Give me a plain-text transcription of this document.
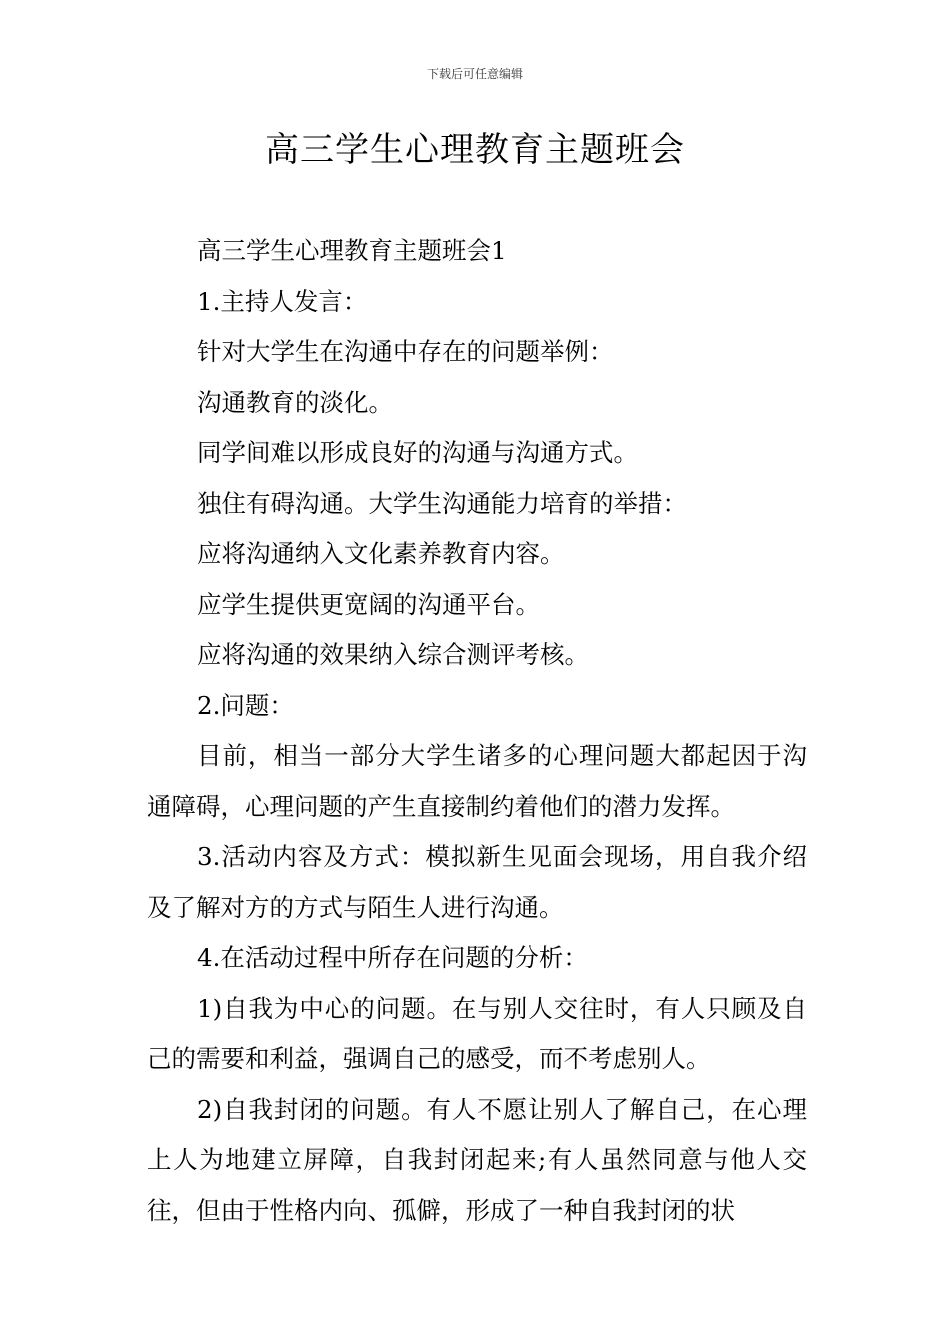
下载后可任意编辑
高三学生心理教育主题班会

高三学生心理教育主题班会1

1.主持人发言：

针对大学生在沟通中存在的问题举例：

沟通教育的淡化。

同学间难以形成良好的沟通与沟通方式。

独住有碍沟通。大学生沟通能力培育的举措：

应将沟通纳入文化素养教育内容。

应学生提供更宽阔的沟通平台。

应将沟通的效果纳入综合测评考核。

2.问题：

目前，相当一部分大学生诸多的心理问题大都起因于沟通障碍，心理问题的产生直接制约着他们的潜力发挥。

3.活动内容及方式：模拟新生见面会现场，用自我介绍及了解对方的方式与陌生人进行沟通。

4.在活动过程中所存在问题的分析：

1)自我为中心的问题。在与别人交往时，有人只顾及自己的需要和利益，强调自己的感受，而不考虑别人。

2)自我封闭的问题。有人不愿让别人了解自己，在心理上人为地建立屏障，自我封闭起来;有人虽然同意与他人交往，但由于性格内向、孤僻，形成了一种自我封闭的状
